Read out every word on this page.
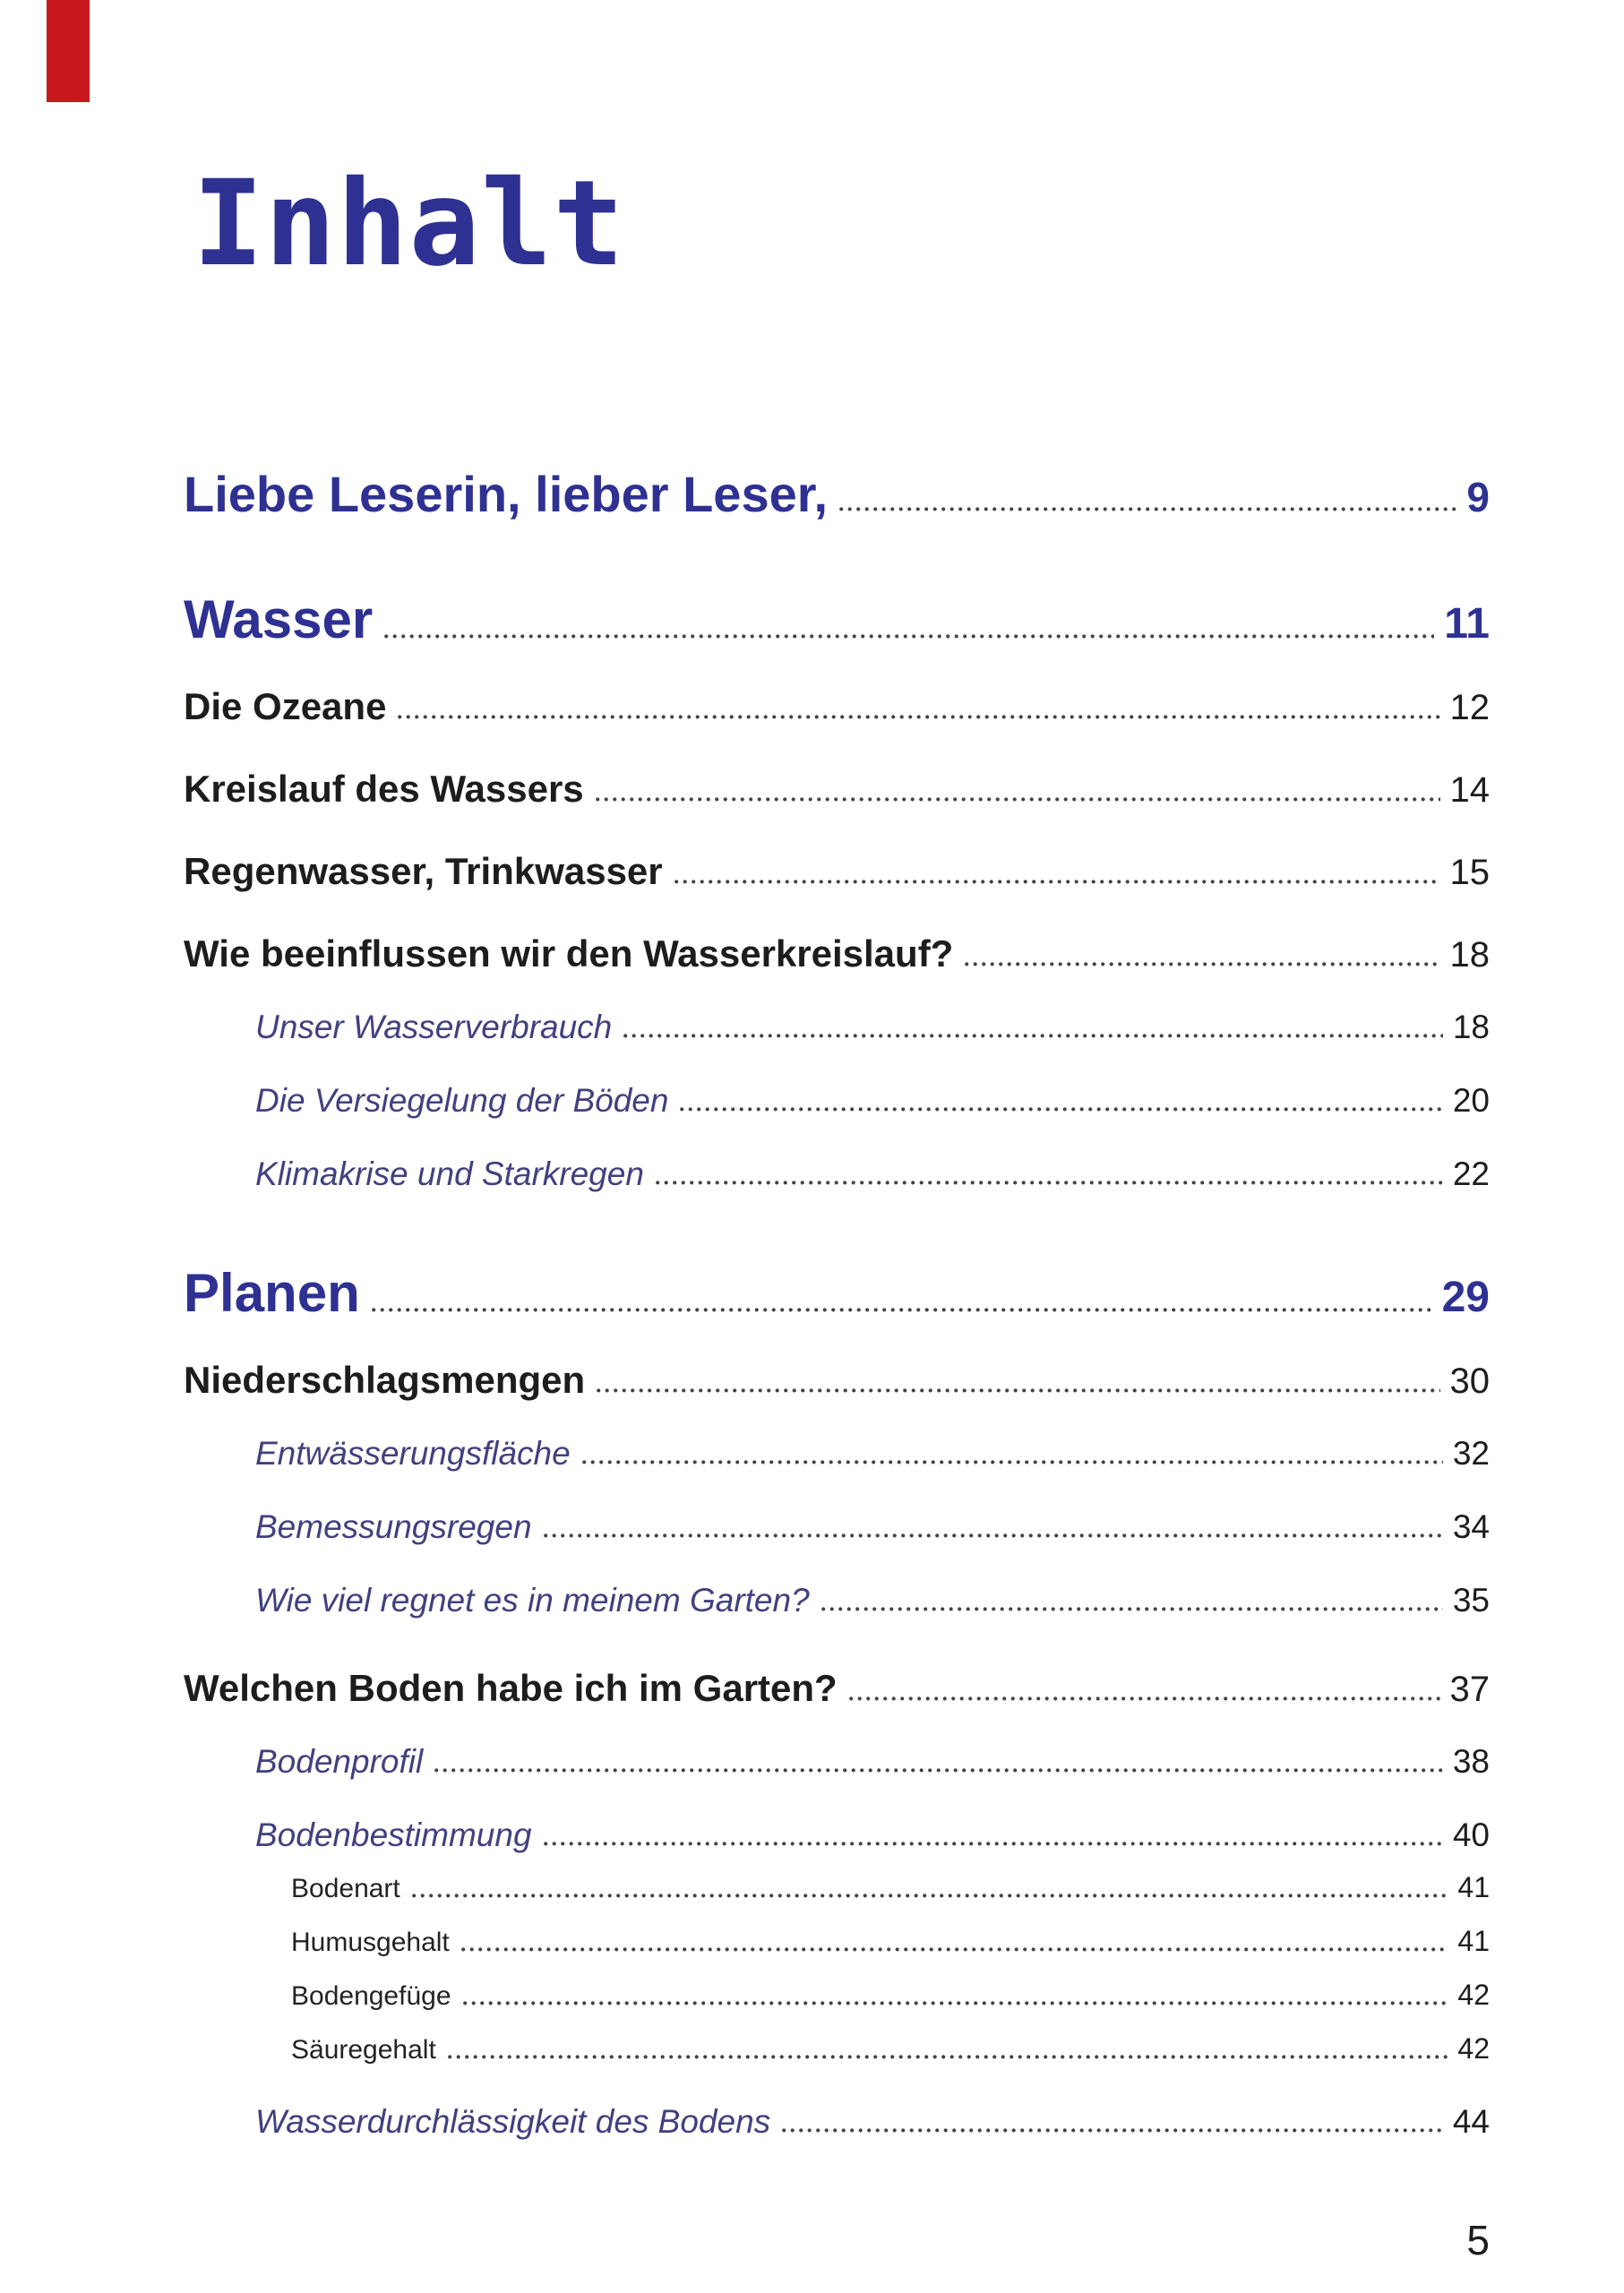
Inhalt
Liebe Leserin, lieber Leser,	9
Wasser	11
Die Ozeane	12
Kreislauf des Wassers	14
Regenwasser, Trinkwasser	15
Wie beeinflussen wir den Wasserkreislauf?	18
Unser Wasserverbrauch	18
Die Versiegelung der Böden	20
Klimakrise und Starkregen	22
Planen	29
Niederschlagsmengen	30
Entwässerungsfläche	32
Bemessungsregen	34
Wie viel regnet es in meinem Garten?	35
Welchen Boden habe ich im Garten?	37
Bodenprofil	38
Bodenbestimmung	40
Bodenart	41
Humusgehalt	41
Bodengefüge	42
Säuregehalt	42
Wasserdurchlässigkeit des Bodens	44
5
